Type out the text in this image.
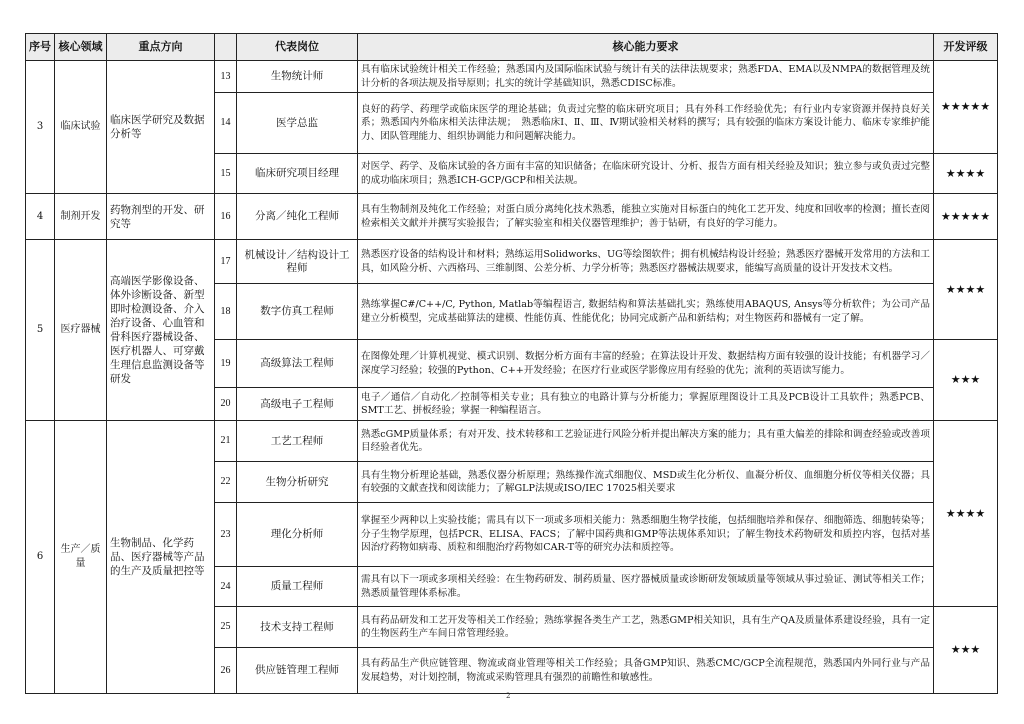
序号	核心领域	重点方向		代表岗位	核心能力要求	开发评级
3	临床试验	临床医学研究及数据分析等	13	生物统计师	具有临床试验统计相关工作经验；熟悉国内及国际临床试验与统计有关的法律法规要求；熟悉FDA、EMA以及NMPA的数据管理及统计分析的各项法规及指导原则；扎实的统计学基础知识，熟悉CDISC标准。	★★★★★
			14	医学总监	良好的药学、药理学或临床医学的理论基础；负责过完整的临床研究项目；具有外科工作经验优先；有行业内专家资源并保持良好关系；熟悉国内外临床相关法律法规；　熟悉临床Ⅰ、Ⅱ、Ⅲ、Ⅳ期试验相关材料的撰写；具有较强的临床方案设计能力、临床专家维护能力、团队管理能力、组织协调能力和问题解决能力。	
			15	临床研究项目经理	对医学、药学、及临床试验的各方面有丰富的知识储备；在临床研究设计、分析、报告方面有相关经验及知识；独立参与或负责过完整的成功临床项目；熟悉ICH-GCP/GCP和相关法规。	★★★★
4	制剂开发	药物剂型的开发、研究等	16	分离／纯化工程师	具有生物制剂及纯化工作经验；对蛋白质分离纯化技术熟悉，能独立实施对目标蛋白的纯化工艺开发、纯度和回收率的检测；擅长查阅检索相关文献并并撰写实验报告；了解实验室和相关仪器管理维护；善于钻研，有良好的学习能力。	★★★★★
5	医疗器械	高端医学影像设备、体外诊断设备、新型即时检测设备、介入治疗设备、心血管和骨科医疗器械设备、医疗机器人、可穿戴生理信息监测设备等研发	17	机械设计／结构设计工程师	熟悉医疗设备的结构设计和材料；熟练运用Solidworks、UG等绘图软件；拥有机械结构设计经验；熟悉医疗器械开发常用的方法和工具，如风险分析、六西格玛、三维制图、公差分析、力学分析等；熟悉医疗器械法规要求，能编写高质量的设计开发技术文档。	★★★★
			18	数字仿真工程师	熟练掌握C#/C++/C, Python, Matlab等编程语言, 数据结构和算法基础扎实；熟练使用ABAQUS, Ansys等分析软件；为公司产品建立分析模型，完成基础算法的建模、性能仿真、性能优化；协同完成新产品和新结构；对生物医药和器械有一定了解。	
			19	高级算法工程师	在图像处理／计算机视觉、模式识别、数据分析方面有丰富的经验；在算法设计开发、数据结构方面有较强的设计技能；有机器学习／深度学习经验；较强的Python、C++开发经验；在医疗行业或医学影像应用有经验的优先；流利的英语读写能力。	★★★
			20	高级电子工程师	电子／通信／自动化／控制等相关专业；具有独立的电路计算与分析能力；掌握原理图设计工具及PCB设计工具软件；熟悉PCB、SMT工艺、拼板经验；掌握一种编程语言。	
6	生产／质量	生物制品、化学药品、医疗器械等产品的生产及质量把控等	21	工艺工程师	熟悉cGMP质量体系；有对开发、技术转移和工艺验证进行风险分析并提出解决方案的能力；具有重大偏差的排除和调查经验或改善项目经验者优先。	★★★★
			22	生物分析研究	具有生物分析理论基础，熟悉仪器分析原理；熟练操作流式细胞仪、MSD或生化分析仪、血凝分析仪、血细胞分析仪等相关仪器；具有较强的文献查找和阅读能力；了解GLP法规或ISO/IEC 17025相关要求	
			23	理化分析师	掌握至少两种以上实验技能；需具有以下一项或多项相关能力：熟悉细胞生物学技能，包括细胞培养和保存、细胞筛选、细胞转染等；分子生物学原理，包括PCR、ELISA、FACS；了解中国药典和GMP等法规体系知识；了解生物技术药物研发和质控内容，包括对基因治疗药物如病毒、质粒和细胞治疗药物如CAR-T等的研究办法和质控等。	
			24	质量工程师	需具有以下一项或多项相关经验：在生物药研发、制药质量、医疗器械质量或诊断研发领域质量等领域从事过验证、测试等相关工作；熟悉质量管理体系标准。	
			25	技术支持工程师	具有药品研发和工艺开发等相关工作经验；熟练掌握各类生产工艺，熟悉GMP相关知识，具有生产QA及质量体系建设经验，具有一定的生物医药生产车间日常管理经验。	★★★
			26	供应链管理工程师	具有药品生产供应链管理、物流或商业管理等相关工作经验；具备GMP知识、熟悉CMC/GCP全流程规范，熟悉国内外同行业与产品发展趋势，对计划控制，物流或采购管理具有强烈的前瞻性和敏感性。	
2
